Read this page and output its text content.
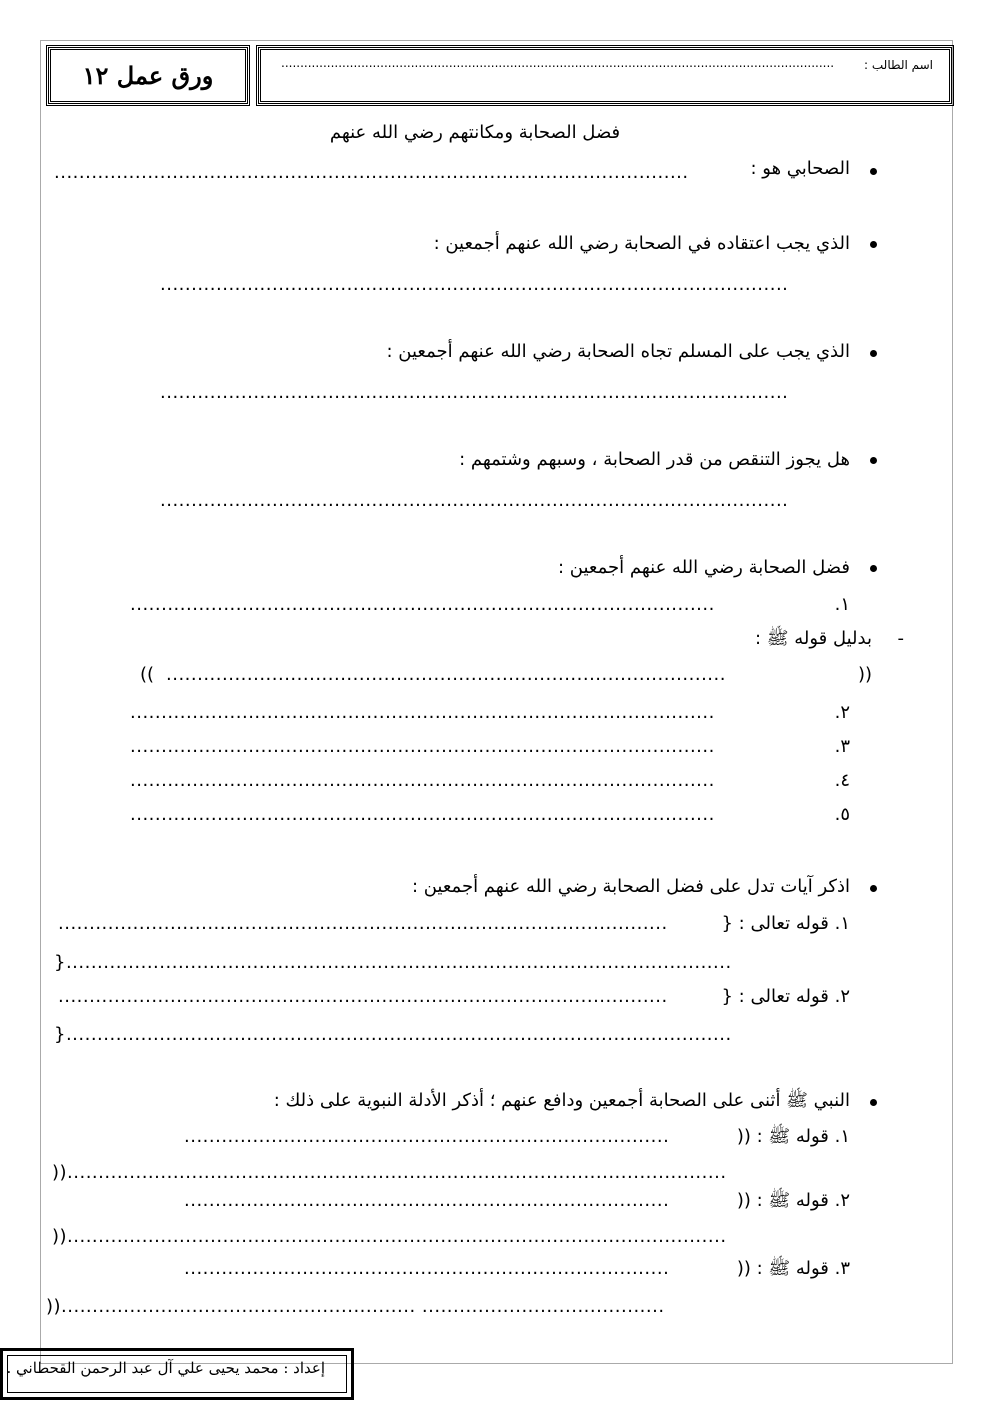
ورق عمل ١٢	اسم الطالب :
.................................................................................................................................................
فضل الصحابة ومكانتهم رضي الله عنهم
الصحابي هو :
......................................................................................................
الذي يجب اعتقاده في الصحابة رضي الله عنهم أجمعين :
.....................................................................................................
الذي يجب على المسلم تجاه الصحابة رضي الله عنهم أجمعين :
.....................................................................................................
هل يجوز التنقص من قدر الصحابة ، وسبهم وشتمهم :
.....................................................................................................
فضل الصحابة رضي الله عنهم أجمعين :
١.
..............................................................................................
-
بدليل قوله ﷺ :
((
..........................................................................................
))
٢.
..............................................................................................
٣.
..............................................................................................
٤.
..............................................................................................
٥.
..............................................................................................
اذكر آيات تدل على فضل الصحابة رضي الله عنهم أجمعين :
١. قوله تعالى : {
..................................................................................................
}...........................................................................................................
٢. قوله تعالى : {
..................................................................................................
}...........................................................................................................
النبي ﷺ أثنى على الصحابة أجمعين ودافع عنهم ؛ أذكر الأدلة النبوية على ذلك :
١. قوله ﷺ : ((
..............................................................................
))..........................................................................................................
٢. قوله ﷺ : ((
..............................................................................
))..........................................................................................................
٣. قوله ﷺ : ((
..............................................................................
))......................................................... .......................................
إعداد : محمد يحيى علي آل عبد الرحمن القحطاني .
